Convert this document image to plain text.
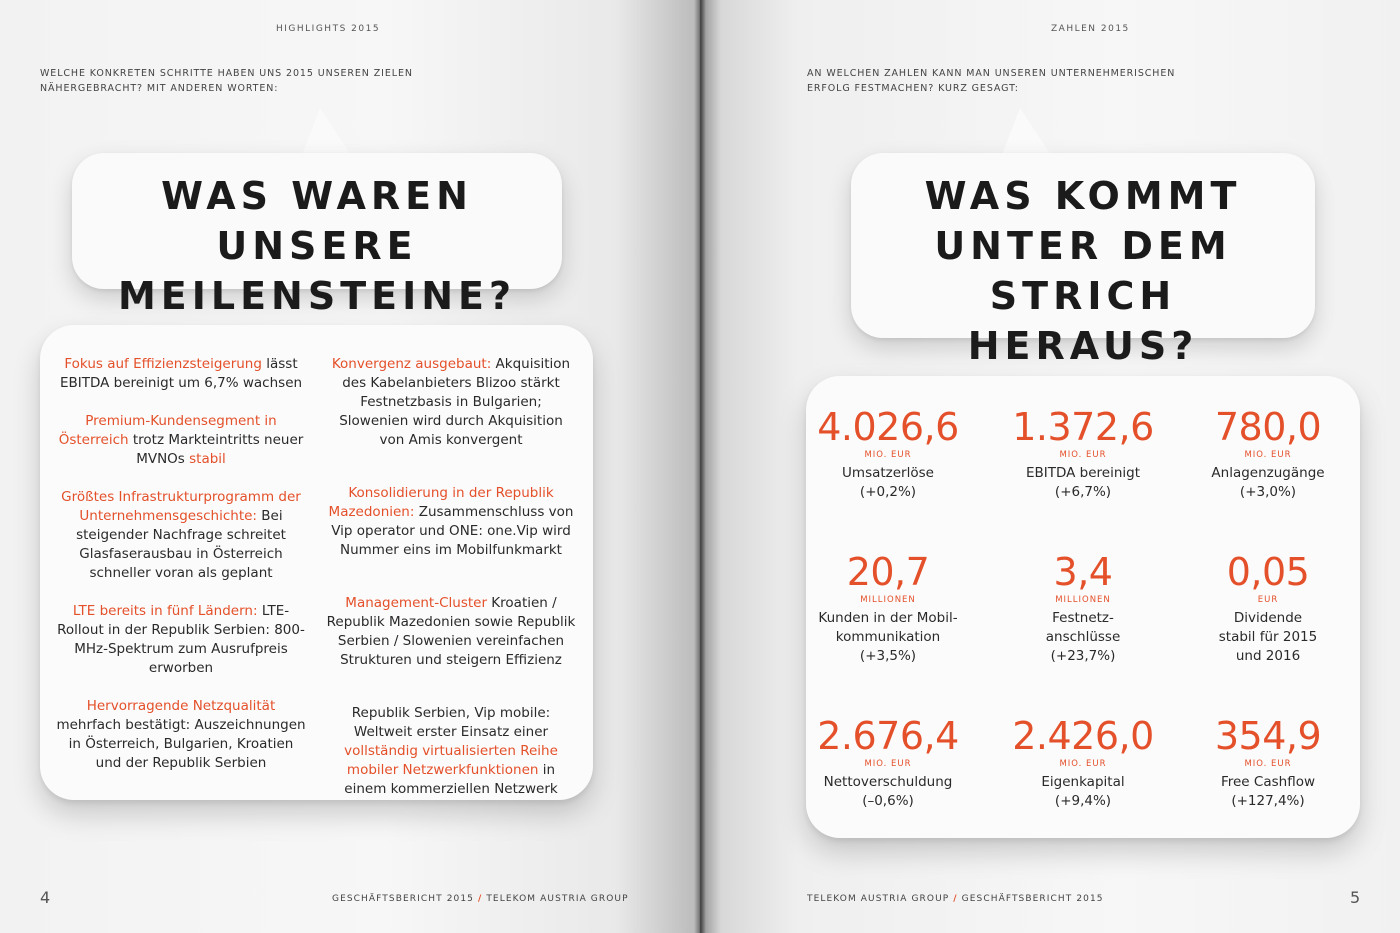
HIGHLIGHTS 2015
WELCHE KONKRETEN SCHRITTE HABEN UNS 2015 UNSEREN ZIELEN NÄHERGEBRACHT? MIT ANDEREN WORTEN:
WAS WAREN UNSERE
MEILENSTEINE?

Fokus auf Effizienzsteigerung lässt EBITDA bereinigt um 6,7% wachsen

Premium-Kundensegment in Österreich trotz Markteintritts neuer MVNOs stabil

Größtes Infrastrukturprogramm der Unternehmensgeschichte: Bei steigender Nachfrage schreitet Glasfaserausbau in Österreich schneller voran als geplant

LTE bereits in fünf Ländern: LTE-Rollout in der Republik Serbien: 800-MHz-Spektrum zum Ausrufpreis erworben

Hervorragende Netzqualität mehrfach bestätigt: Auszeichnungen in Österreich, Bulgarien, Kroatien und der Republik Serbien

Konvergenz ausgebaut: Akquisition des Kabelanbieters Blizoo stärkt Festnetzbasis in Bulgarien; Slowenien wird durch Akquisition von Amis konvergent

Konsolidierung in der Republik Mazedonien: Zusammenschluss von Vip operator und ONE: one.Vip wird Nummer eins im Mobilfunkmarkt

Management-Cluster Kroatien / Republik Mazedonien sowie Republik Serbien / Slowenien vereinfachen Strukturen und steigern Effizienz

Republik Serbien, Vip mobile: Weltweit erster Einsatz einer vollständig virtualisierten Reihe mobiler Netzwerkfunktionen in einem kommerziellen Netzwerk

4	GESCHÄFTSBERICHT 2015 / TELEKOM AUSTRIA GROUP
ZAHLEN 2015
AN WELCHEN ZAHLEN KANN MAN UNSEREN UNTERNEHMERISCHEN ERFOLG FESTMACHEN? KURZ GESAGT:
WAS KOMMT
UNTER DEM STRICH
HERAUS?
4.026,6
MIO. EUR
Umsatzerlöse
(+0,2%)
1.372,6
MIO. EUR
EBITDA bereinigt
(+6,7%)
780,0
MIO. EUR
Anlagenzugänge
(+3,0%)
20,7
MILLIONEN
Kunden in der Mobil-
kommunikation
(+3,5%)
3,4
MILLIONEN
Festnetz-
anschlüsse
(+23,7%)
0,05
EUR
Dividende
stabil für 2015
und 2016
2.676,4
MIO. EUR
Nettoverschuldung
(–0,6%)
2.426,0
MIO. EUR
Eigenkapital
(+9,4%)
354,9
MIO. EUR
Free Cashflow
(+127,4%)
TELEKOM AUSTRIA GROUP / GESCHÄFTSBERICHT 2015	5
